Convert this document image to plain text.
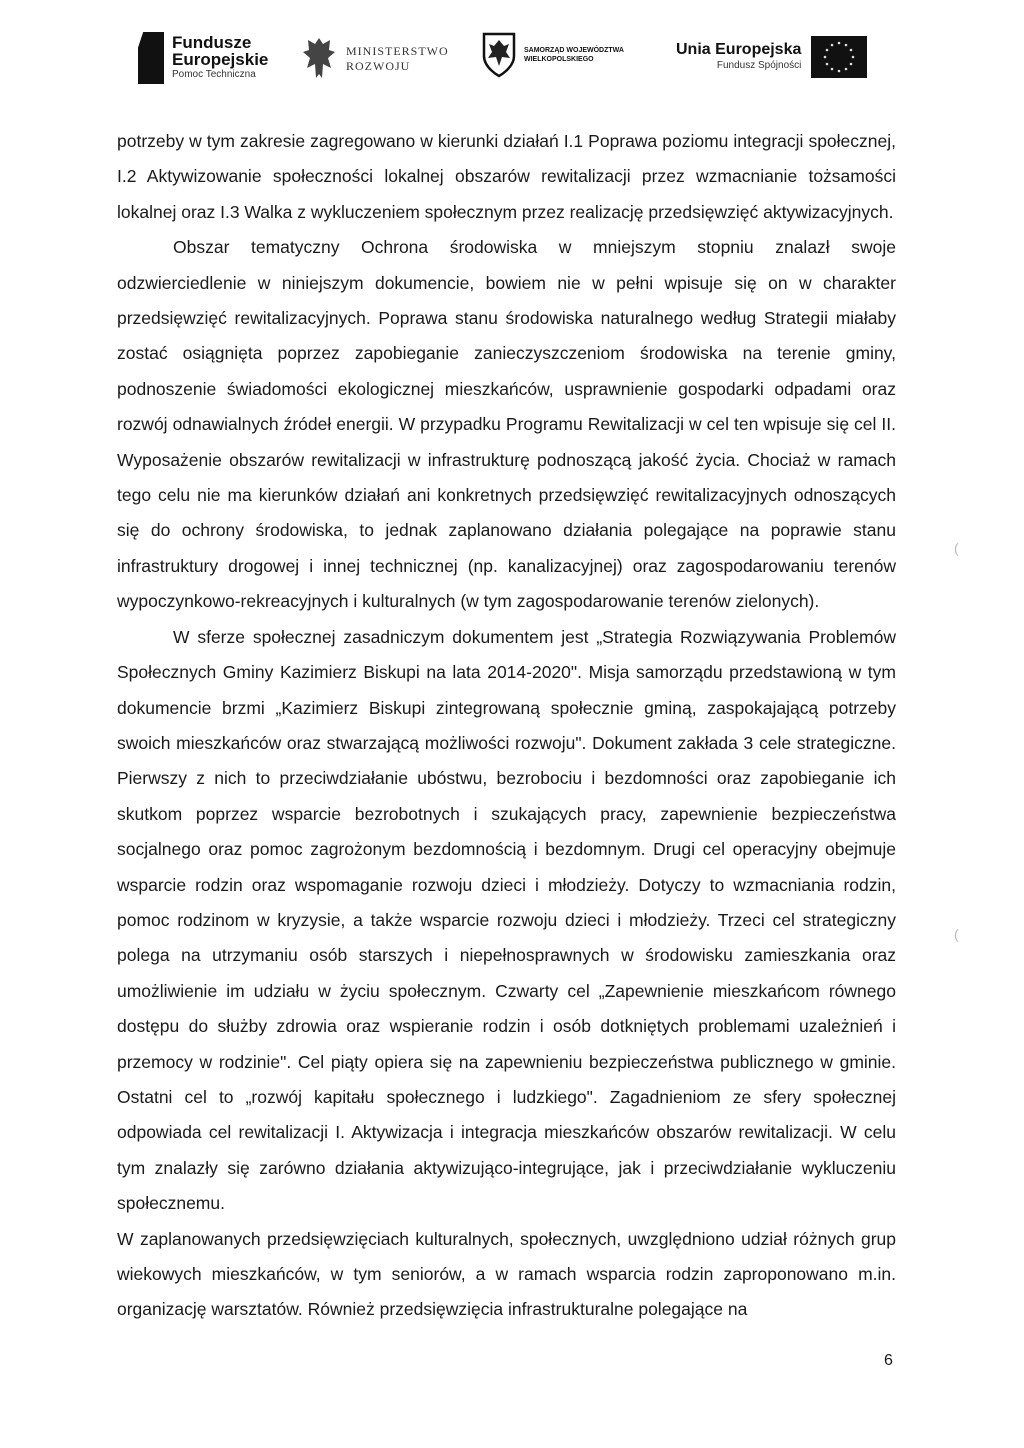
Fundusze
Europejskie
Pomoc Techniczna
MINISTERSTWO
ROZWOJU
SAMORZĄD WOJEWÓDZTWA
WIELKOPOLSKIEGO
Unia Europejska
Fundusz Spójności

potrzeby w tym zakresie zagregowano w kierunki działań I.1 Poprawa poziomu integracji społecznej, I.2 Aktywizowanie społeczności lokalnej obszarów rewitalizacji przez wzmacnianie tożsamości lokalnej oraz I.3 Walka z wykluczeniem społecznym przez realizację przedsięwzięć aktywizacyjnych.

Obszar tematyczny Ochrona środowiska w mniejszym stopniu znalazł swoje odzwierciedlenie w niniejszym dokumencie, bowiem nie w pełni wpisuje się on w charakter przedsięwzięć rewitalizacyjnych. Poprawa stanu środowiska naturalnego według Strategii miałaby zostać osiągnięta poprzez zapobieganie zanieczyszczeniom środowiska na terenie gminy, podnoszenie świadomości ekologicznej mieszkańców, usprawnienie gospodarki odpadami oraz rozwój odnawialnych źródeł energii. W przypadku Programu Rewitalizacji w cel ten wpisuje się cel II. Wyposażenie obszarów rewitalizacji w infrastrukturę podnoszącą jakość życia. Chociaż w ramach tego celu nie ma kierunków działań ani konkretnych przedsięwzięć rewitalizacyjnych odnoszących się do ochrony środowiska, to jednak zaplanowano działania polegające na poprawie stanu infrastruktury drogowej i innej technicznej (np. kanalizacyjnej) oraz zagospodarowaniu terenów wypoczynkowo-rekreacyjnych i kulturalnych (w tym zagospodarowanie terenów zielonych).

W sferze społecznej zasadniczym dokumentem jest „Strategia Rozwiązywania Problemów Społecznych Gminy Kazimierz Biskupi na lata 2014-2020". Misja samorządu przedstawioną w tym dokumencie brzmi „Kazimierz Biskupi zintegrowaną społecznie gminą, zaspokajającą potrzeby swoich mieszkańców oraz stwarzającą możliwości rozwoju". Dokument zakłada 3 cele strategiczne. Pierwszy z nich to przeciwdziałanie ubóstwu, bezrobociu i bezdomności oraz zapobieganie ich skutkom poprzez wsparcie bezrobotnych i szukających pracy, zapewnienie bezpieczeństwa socjalnego oraz pomoc zagrożonym bezdomnością i bezdomnym. Drugi cel operacyjny obejmuje wsparcie rodzin oraz wspomaganie rozwoju dzieci i młodzieży. Dotyczy to wzmacniania rodzin, pomoc rodzinom w kryzysie, a także wsparcie rozwoju dzieci i młodzieży. Trzeci cel strategiczny polega na utrzymaniu osób starszych i niepełnosprawnych w środowisku zamieszkania oraz umożliwienie im udziału w życiu społecznym. Czwarty cel „Zapewnienie mieszkańcom równego dostępu do służby zdrowia oraz wspieranie rodzin i osób dotkniętych problemami uzależnień i przemocy w rodzinie". Cel piąty opiera się na zapewnieniu bezpieczeństwa publicznego w gminie. Ostatni cel to „rozwój kapitału społecznego i ludzkiego". Zagadnieniom ze sfery społecznej odpowiada cel rewitalizacji I. Aktywizacja i integracja mieszkańców obszarów rewitalizacji. W celu tym znalazły się zarówno działania aktywizująco-integrujące, jak i przeciwdziałanie wykluczeniu społecznemu.

W zaplanowanych przedsięwzięciach kulturalnych, społecznych, uwzględniono udział różnych grup wiekowych mieszkańców, w tym seniorów, a w ramach wsparcia rodzin zaproponowano m.in. organizację warsztatów. Również przedsięwzięcia infrastrukturalne polegające na

(
(
6
